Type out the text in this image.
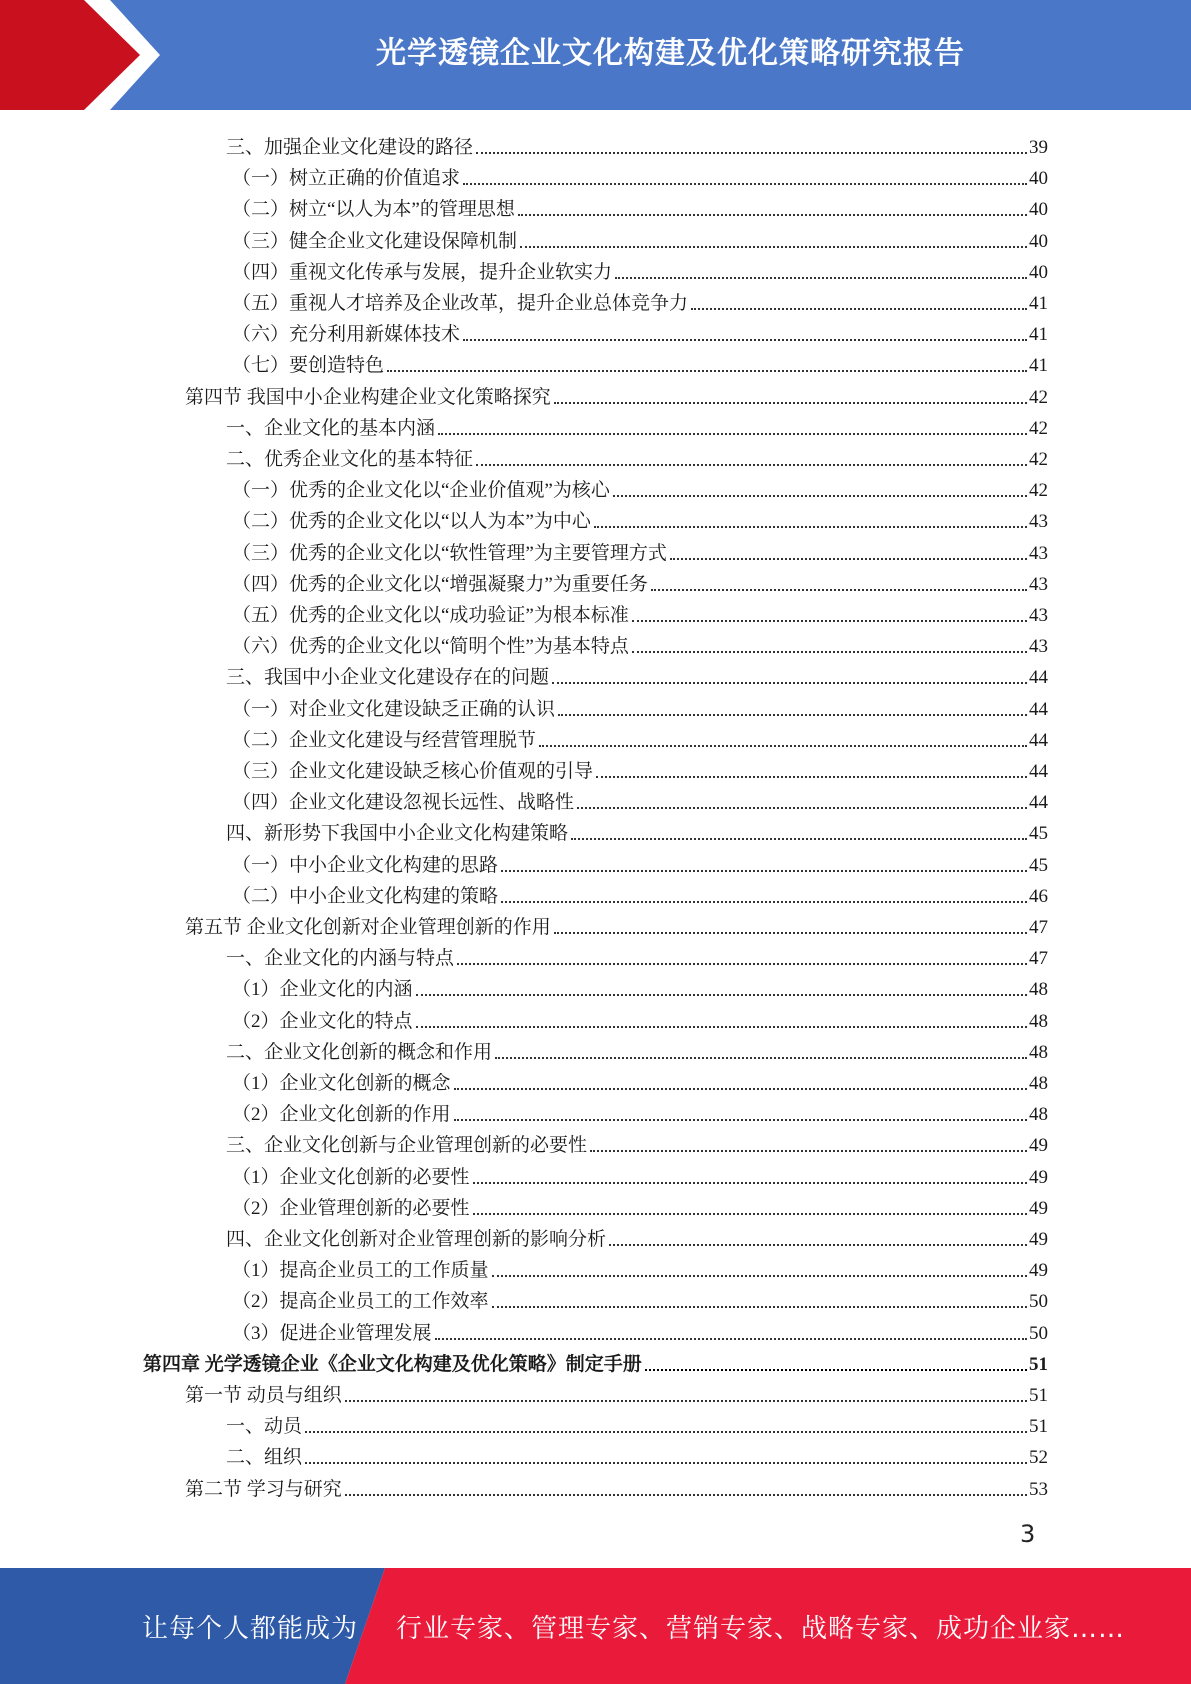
光学透镜企业文化构建及优化策略研究报告
三、加强企业文化建设的路径	39
（一）树立正确的价值追求	40
（二）树立“以人为本”的管理思想	40
（三）健全企业文化建设保障机制	40
（四）重视文化传承与发展，提升企业软实力	40
（五）重视人才培养及企业改革，提升企业总体竞争力	41
（六）充分利用新媒体技术	41
（七）要创造特色	41
第四节 我国中小企业构建企业文化策略探究	42
一、企业文化的基本内涵	42
二、优秀企业文化的基本特征	42
（一）优秀的企业文化以“企业价值观”为核心	42
（二）优秀的企业文化以“以人为本”为中心	43
（三）优秀的企业文化以“软性管理”为主要管理方式	43
（四）优秀的企业文化以“增强凝聚力”为重要任务	43
（五）优秀的企业文化以“成功验证”为根本标准	43
（六）优秀的企业文化以“简明个性”为基本特点	43
三、我国中小企业文化建设存在的问题	44
（一）对企业文化建设缺乏正确的认识	44
（二）企业文化建设与经营管理脱节	44
（三）企业文化建设缺乏核心价值观的引导	44
（四）企业文化建设忽视长远性、战略性	44
四、新形势下我国中小企业文化构建策略	45
（一）中小企业文化构建的思路	45
（二）中小企业文化构建的策略	46
第五节 企业文化创新对企业管理创新的作用	47
一、企业文化的内涵与特点	47
（1）企业文化的内涵	48
（2）企业文化的特点	48
二、企业文化创新的概念和作用	48
（1）企业文化创新的概念	48
（2）企业文化创新的作用	48
三、企业文化创新与企业管理创新的必要性	49
（1）企业文化创新的必要性	49
（2）企业管理创新的必要性	49
四、企业文化创新对企业管理创新的影响分析	49
（1）提高企业员工的工作质量	49
（2）提高企业员工的工作效率	50
（3）促进企业管理发展	50
第四章 光学透镜企业《企业文化构建及优化策略》制定手册	51
第一节 动员与组织	51
一、动员	51
二、组织	52
第二节 学习与研究	53
3
让每个人都能成为 行业专家、管理专家、营销专家、战略专家、成功企业家……
